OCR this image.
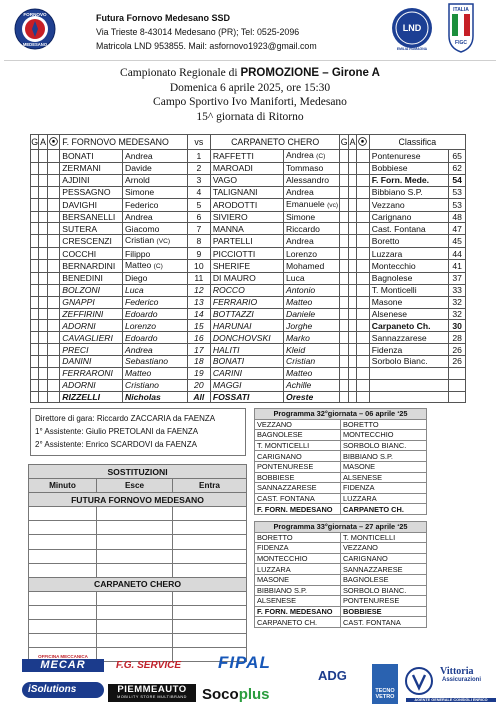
FORNOVO
MEDESANO
Futura Fornovo Medesano SSD
Via Trieste 8-43014 Medesano (PR); Tel: 0525-2096
Matricola LND 953855. Mail: asfornovo1923@gmail.com
LND
EMILIA ROMAGNA
ITALIA
FIGC
Campionato Regionale di PROMOZIONE – Girone A
Domenica 6 aprile 2025, ore 15:30
Campo Sportivo Ivo Maniforti, Medesano
15^ giornata di Ritorno
G	A		F. FORNOVO MEDESANO		vs	CARPANETO CHERO		G	A		Classifica	
			BONATI	Andrea	1	RAFFETTI	Andrea (C)				Pontenurese	65
			ZERMANI	Davide	2	MAROADI	Tommaso				Bobbiese	62
			AJDINI	Arnold	3	VAGO	Alessandro				F. Forn. Mede.	54
			PESSAGNO	Simone	4	TALIGNANI	Andrea				Bibbiano S.P.	53
			DAVIGHI	Federico	5	ARODOTTI	Emanuele (vc)				Vezzano	53
			BERSANELLI	Andrea	6	SIVIERO	Simone				Carignano	48
			SUTERA	Giacomo	7	MANNA	Riccardo				Cast. Fontana	47
			CRESCENZI	Cristian (VC)	8	PARTELLI	Andrea				Boretto	45
			COCCHI	Filippo	9	PICCIOTTI	Lorenzo				Luzzara	44
			BERNARDINI	Matteo (C)	10	SHERIFE	Mohamed				Montecchio	41
			BENEDINI	Diego	11	DI MAURO	Luca				Bagnolese	37
			BOLZONI	Luca	12	ROCCO	Antonio				T. Monticelli	33
			GNAPPI	Federico	13	FERRARIO	Matteo				Masone	32
			ZEFFIRINI	Edoardo	14	BOTTAZZI	Daniele				Alsenese	32
			ADORNI	Lorenzo	15	HARUNAI	Jorghe				Carpaneto Ch.	30
			CAVAGLIERI	Edoardo	16	DONCHOVSKI	Marko				Sannazzarese	28
			PRECI	Andrea	17	HALITI	Kleid				Fidenza	26
			DANINI	Sebastiano	18	BONATI	Cristian				Sorbolo Bianc.	26
			FERRARONI	Matteo	19	CARINI	Matteo					
			ADORNI	Cristiano	20	MAGGI	Achille					
			RIZZELLI	Nicholas	All	FOSSATI	Oreste					
Direttore di gara: Riccardo ZACCARIA da FAENZA
1° Assistente: Giulio PRETOLANI da FAENZA
2° Assistente: Enrico SCARDOVI da FAENZA
SOSTITUZIONI		
Minuto	Esce	Entra
FUTURA FORNOVO MEDESANO		

CARPANETO CHERO		

Programma 32°giornata – 06 aprile ‘25	
VEZZANO	BORETTO
BAGNOLESE	MONTECCHIO
T. MONTICELLI	SORBOLO BIANC.
CARIGNANO	BIBBIANO S.P.
PONTENURESE	MASONE
BOBBIESE	ALSENESE
SANNAZZARESE	FIDENZA
CAST. FONTANA	LUZZARA
F. FORN. MEDESANO	CARPANETO CH.
Programma 33°giornata – 27 aprile ‘25	
BORETTO	T. MONTICELLI
FIDENZA	VEZZANO
MONTECCHIO	CARIGNANO
LUZZARA	SANNAZZARESE
MASONE	BAGNOLESE
BIBBIANO S.P.	SORBOLO BIANC.
ALSENESE	PONTENURESE
F. FORN. MEDESANO	BOBBIESE
CARPANETO CH.	CAST. FONTANA
OFFICINA MECCANICA
MECAR	F.G. SERVICE FIPAL
ADG
TECNO VETRO
Vittoria
Assicurazioni
AGENTE GENERALE CONSIGLI ENRICO
iSolutions	PIEMMEAUTO
MOBILITY STORE MULTIBRAND	Socoplus
